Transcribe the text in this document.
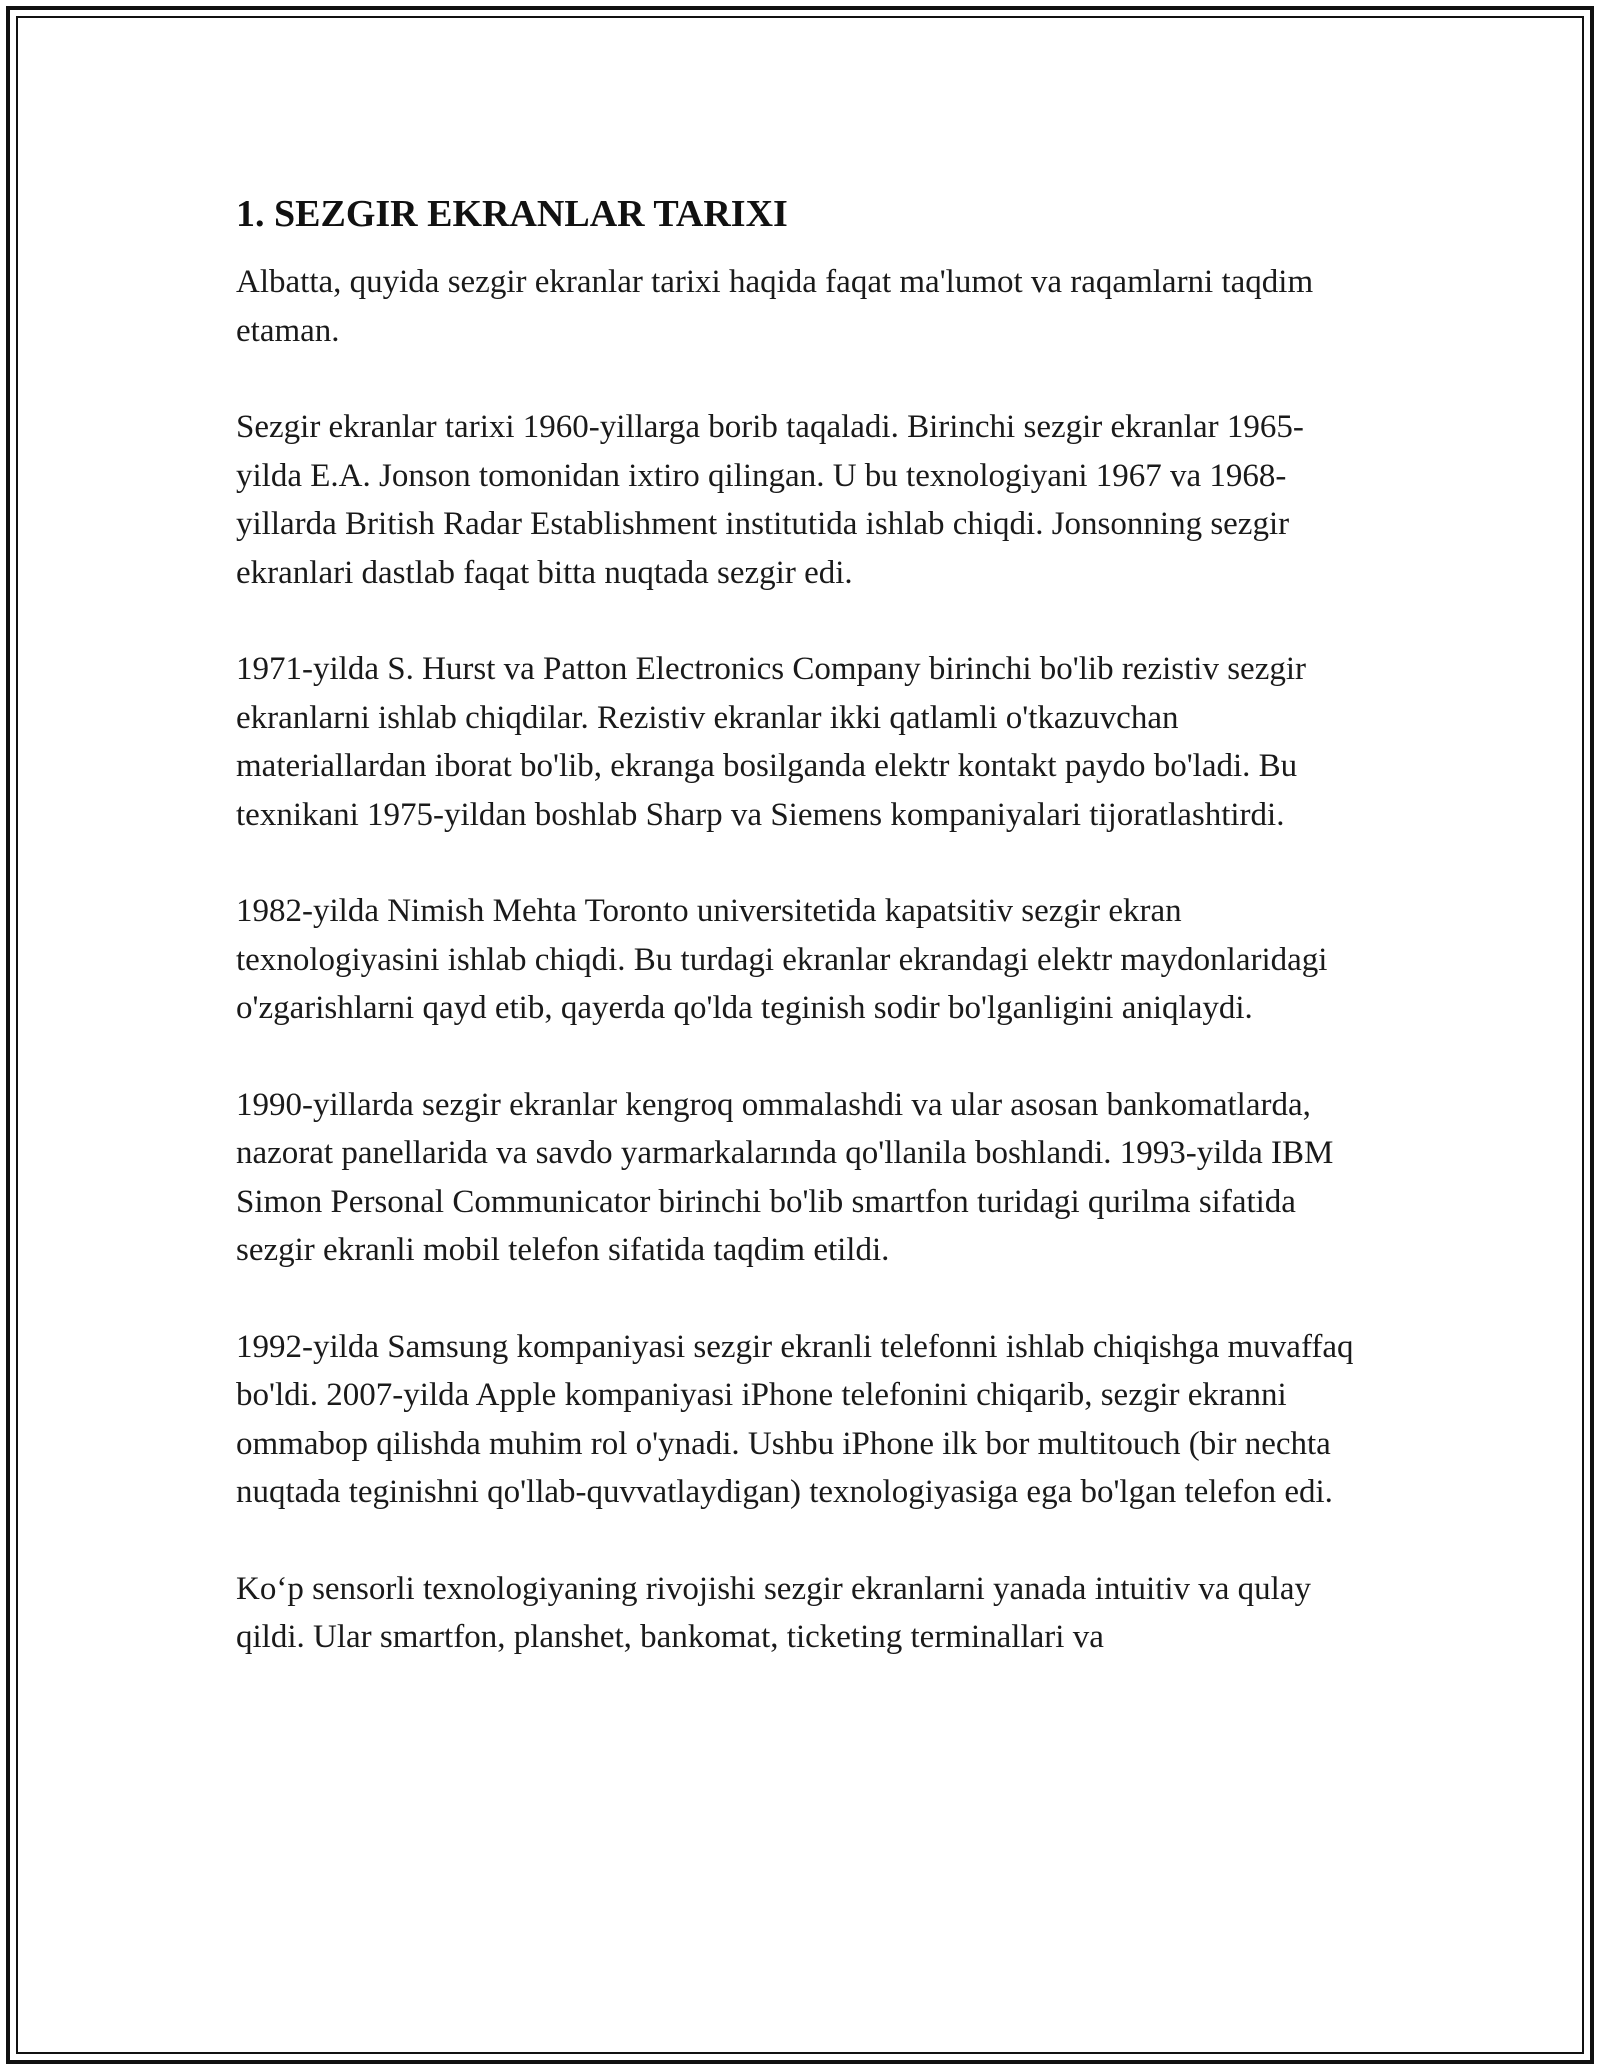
1. SEZGIR EKRANLAR TARIXI

Albatta, quyida sezgir ekranlar tarixi haqida faqat ma'lumot va raqamlarni taqdim etaman.

Sezgir ekranlar tarixi 1960-yillarga borib taqaladi. Birinchi sezgir ekranlar 1965-yilda E.A. Jonson tomonidan ixtiro qilingan. U bu texnologiyani 1967 va 1968-yillarda British Radar Establishment institutida ishlab chiqdi. Jonsonning sezgir ekranlari dastlab faqat bitta nuqtada sezgir edi.

1971-yilda S. Hurst va Patton Electronics Company birinchi bo'lib rezistiv sezgir ekranlarni ishlab chiqdilar. Rezistiv ekranlar ikki qatlamli o'tkazuvchan materiallardan iborat bo'lib, ekranga bosilganda elektr kontakt paydo bo'ladi. Bu texnikani 1975-yildan boshlab Sharp va Siemens kompaniyalari tijoratlashtirdi.

1982-yilda Nimish Mehta Toronto universitetida kapatsitiv sezgir ekran texnologiyasini ishlab chiqdi. Bu turdagi ekranlar ekrandagi elektr maydonlaridagi o'zgarishlarni qayd etib, qayerda qo'lda teginish sodir bo'lganligini aniqlaydi.

1990-yillarda sezgir ekranlar kengroq ommalashdi va ular asosan bankomatlarda, nazorat panellarida va savdo yarmarkalarında qo'llanila boshlandi. 1993-yilda IBM Simon Personal Communicator birinchi bo'lib smartfon turidagi qurilma sifatida sezgir ekranli mobil telefon sifatida taqdim etildi.

1992-yilda Samsung kompaniyasi sezgir ekranli telefonni ishlab chiqishga muvaffaq bo'ldi. 2007-yilda Apple kompaniyasi iPhone telefonini chiqarib, sezgir ekranni ommabop qilishda muhim rol o'ynadi. Ushbu iPhone ilk bor multitouch (bir nechta nuqtada teginishni qo'llab-quvvatlaydigan) texnologiyasiga ega bo'lgan telefon edi.

Koʻp sensorli texnologiyaning rivojishi sezgir ekranlarni yanada intuitiv va qulay qildi. Ular smartfon, planshet, bankomat, ticketing terminallari va
